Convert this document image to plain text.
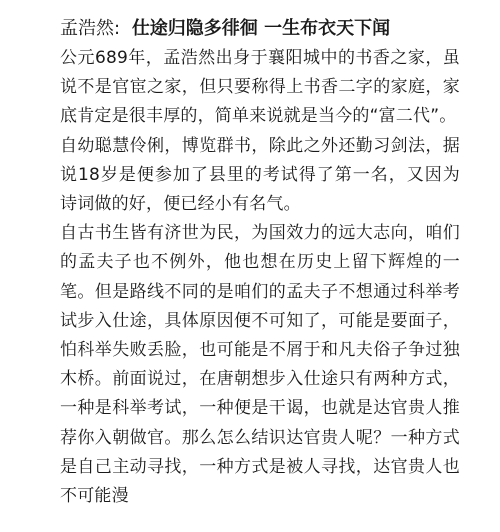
孟浩然: 仕途归隐多徘徊 一生布衣天下闻

公元689年，孟浩然出身于襄阳城中的书香之家，虽说不是官宦之家，但只要称得上书香二字的家庭，家底肯定是很丰厚的，简单来说就是当今的“富二代”。

自幼聪慧伶俐，博览群书，除此之外还勤习剑法，据说18岁是便参加了县里的考试得了第一名，又因为诗词做的好，便已经小有名气。

自古书生皆有济世为民，为国效力的远大志向，咱们的孟夫子也不例外，他也想在历史上留下辉煌的一笔。但是路线不同的是咱们的孟夫子不想通过科举考试步入仕途，具体原因便不可知了，可能是要面子，怕科举失败丢脸，也可能是不屑于和凡夫俗子争过独木桥。前面说过，在唐朝想步入仕途只有两种方式，一种是科举考试，一种便是干谒，也就是达官贵人推荐你入朝做官。那么怎么结识达官贵人呢？一种方式是自己主动寻找，一种方式是被人寻找，达官贵人也不可能漫
